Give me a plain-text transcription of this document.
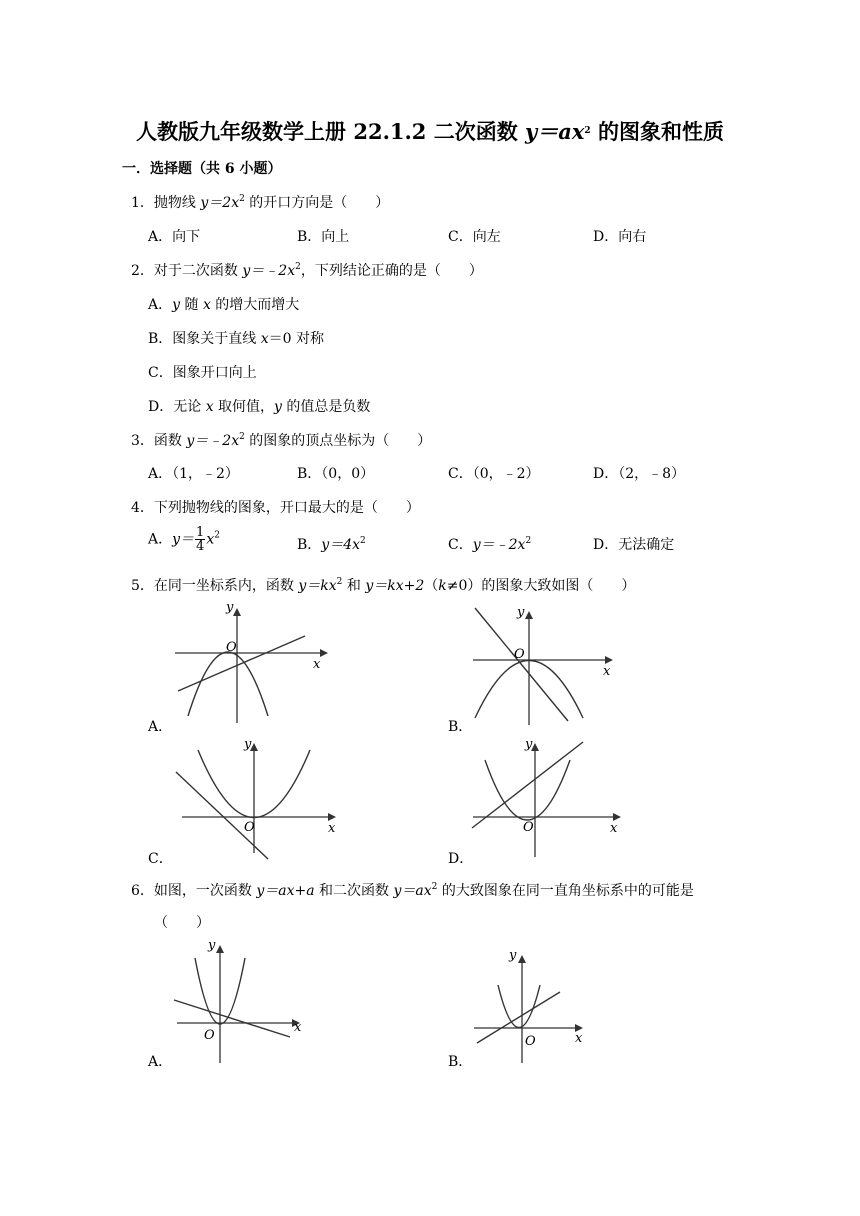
人教版九年级数学上册 22.1.2 二次函数 $y=ax^2$ 的图象和性质
一．选择题（共 6 小题）
1．抛物线 $y=2x^2$ 的开口方向是（　　）
A．向下	B．向上	C．向左	D．向右
2．对于二次函数 $y=﹣2x^2$，下列结论正确的是（　　）
A．y 随 x 的增大而增大
B．图象关于直线 x＝0 对称
C．图象开口向上
D．无论 x 取何值，y 的值总是负数
3．函数 $y=﹣2x^2$ 的图象的顶点坐标为（　　）
A．（1，﹣2）	B．（0，0）	C．（0，﹣2）	D．（2，﹣8）
4．下列抛物线的图象，开口最大的是（　　）
A．$y= \frac{1}{4} x^2$
B．$y=4x^2$	C．$y=﹣2x^2$	D．无法确定
5．在同一坐标系内，函数 $y=kx^2$ 和 y＝kx+2（k≠0）的图象大致如图（　　）
O
y
x
A．
O
y
x
B．
O
y
x
C．
O
y
x
D．
6．如图，一次函数 y＝ax+a 和二次函数 $y=ax^2$ 的大致图象在同一直角坐标系中的可能是
（　　）
O
y
x
A．
O
y
x
B．
